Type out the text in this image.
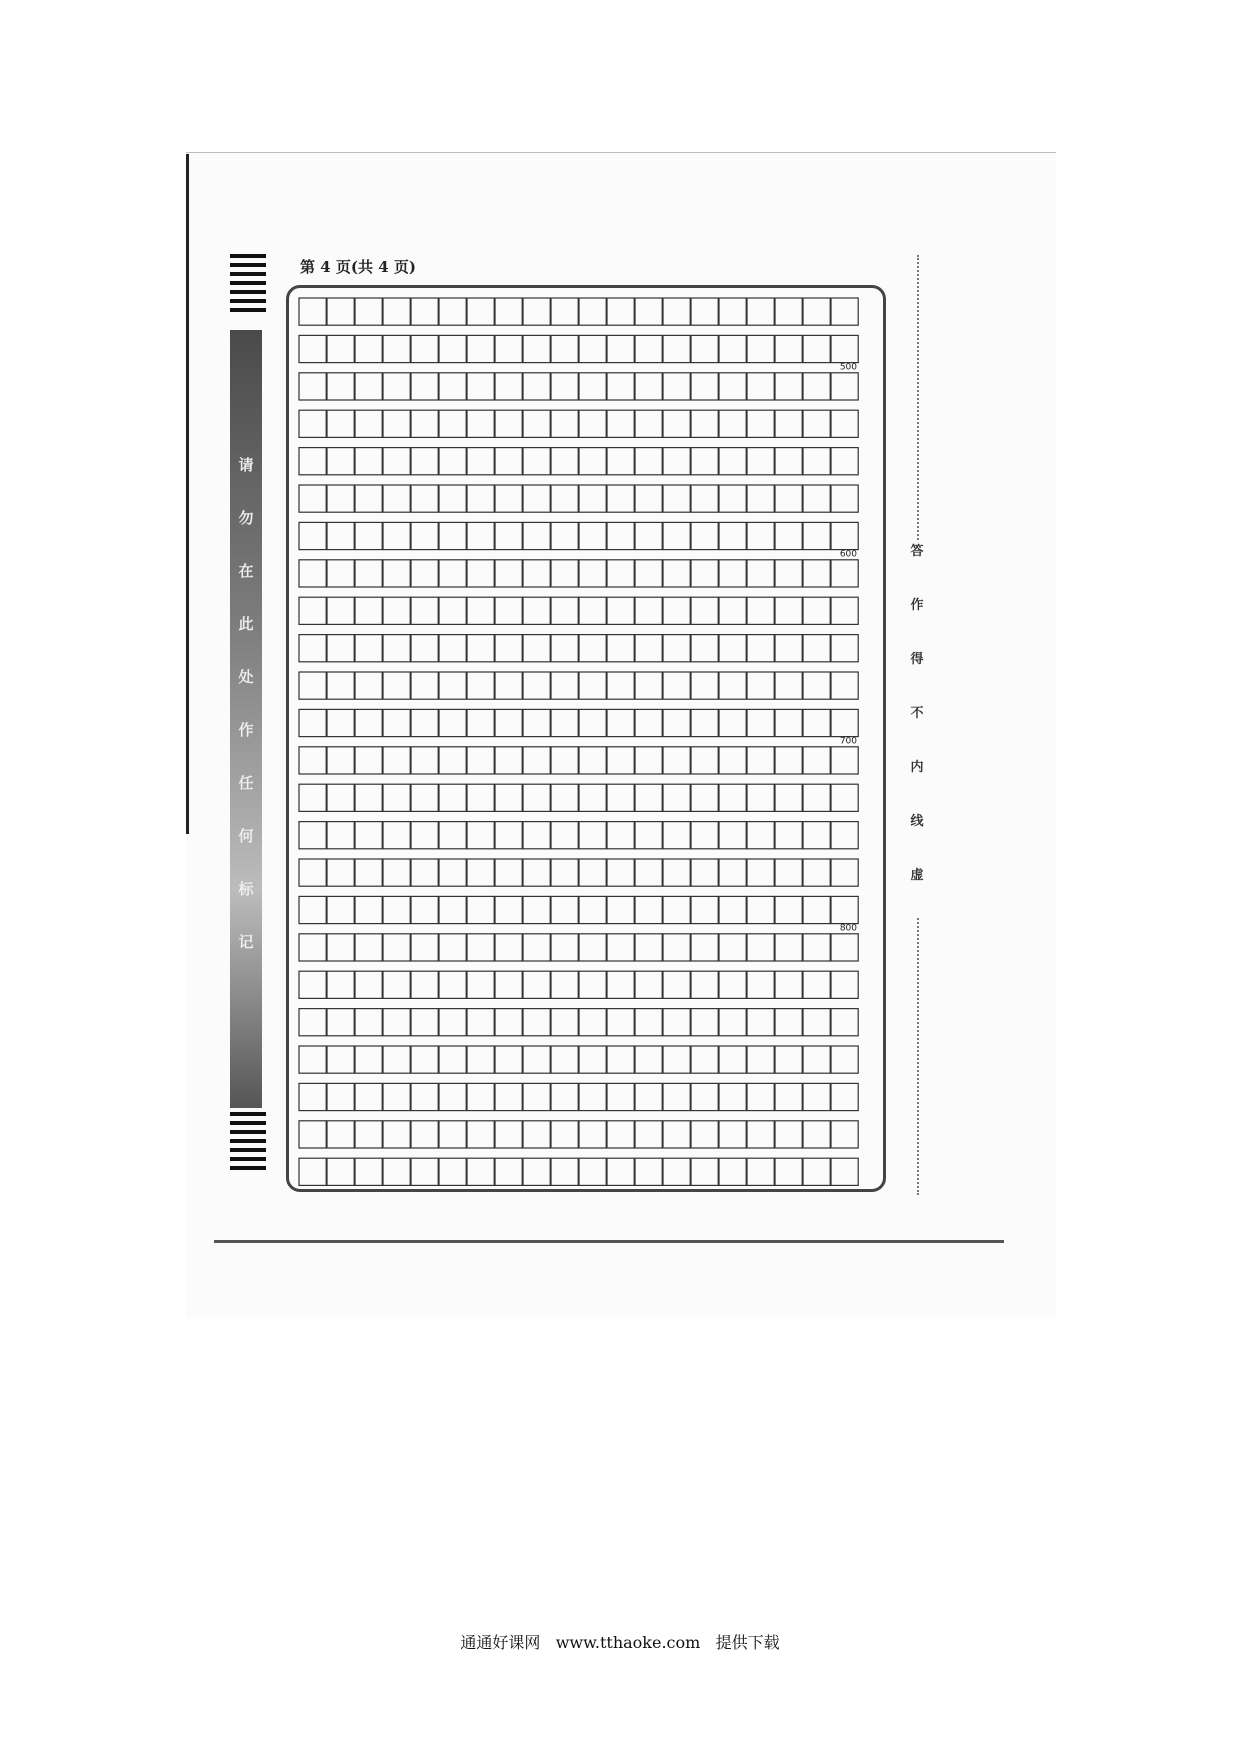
请
勿
在
此
处
作
任
何
标
记
第 4 页(共 4 页)
500
600
700
800
答
作
得
不
内
线
虚
通通好课网 www.tthaoke.com 提供下载
